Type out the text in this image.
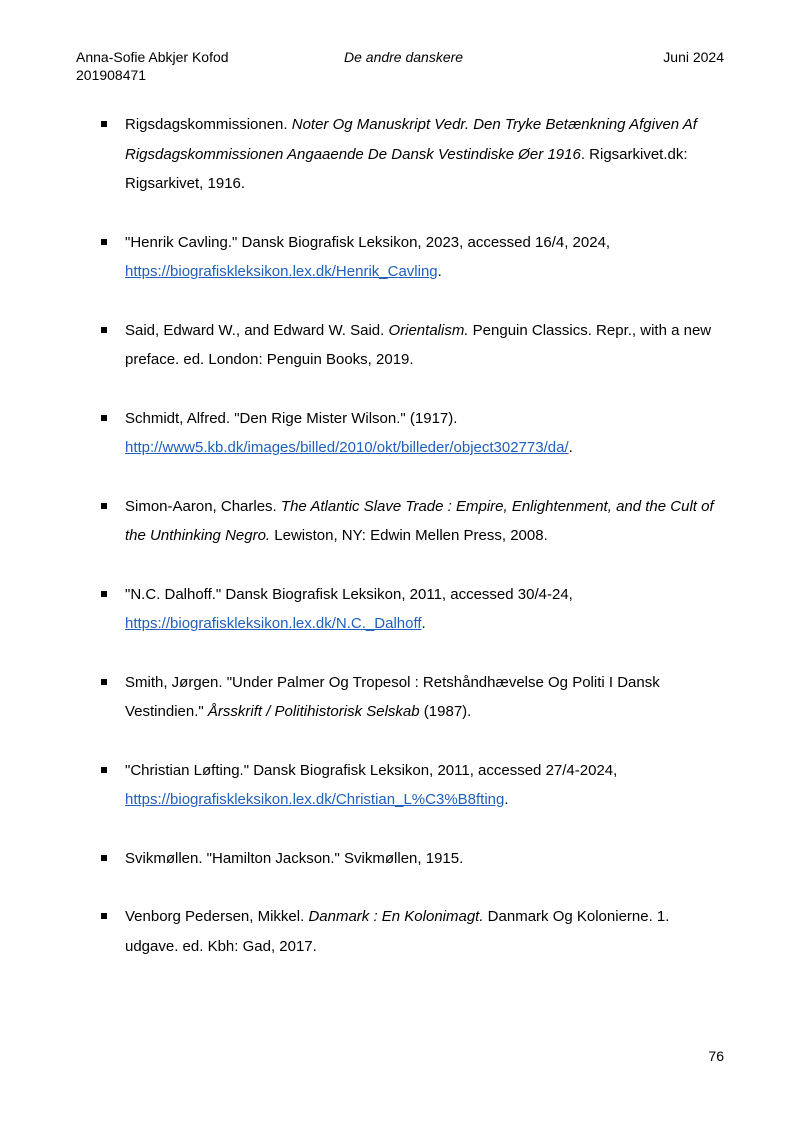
Anna-Sofie Abkjer Kofod
201908471
De andre danskere	Juni 2024
Rigsdagskommissionen. Noter Og Manuskript Vedr. Den Tryke Betænkning Afgiven Af Rigsdagskommissionen Angaaende De Dansk Vestindiske Øer 1916. Rigsarkivet.dk: Rigsarkivet, 1916.
"Henrik Cavling." Dansk Biografisk Leksikon, 2023, accessed 16/4, 2024, https://biografiskleksikon.lex.dk/Henrik_Cavling.
Said, Edward W., and Edward W. Said. Orientalism. Penguin Classics. Repr., with a new preface. ed. London: Penguin Books, 2019.
Schmidt, Alfred. "Den Rige Mister Wilson." (1917). http://www5.kb.dk/images/billed/2010/okt/billeder/object302773/da/.
Simon-Aaron, Charles. The Atlantic Slave Trade : Empire, Enlightenment, and the Cult of the Unthinking Negro. Lewiston, NY: Edwin Mellen Press, 2008.
"N.C. Dalhoff." Dansk Biografisk Leksikon, 2011, accessed 30/4-24, https://biografiskleksikon.lex.dk/N.C._Dalhoff.
Smith, Jørgen. "Under Palmer Og Tropesol : Retshåndhævelse Og Politi I Dansk Vestindien." Årsskrift / Politihistorisk Selskab (1987).
"Christian Løfting." Dansk Biografisk Leksikon, 2011, accessed 27/4-2024, https://biografiskleksikon.lex.dk/Christian_L%C3%B8fting.
Svikmøllen. "Hamilton Jackson." Svikmøllen, 1915.
Venborg Pedersen, Mikkel. Danmark : En Kolonimagt. Danmark Og Kolonierne. 1. udgave. ed. Kbh: Gad, 2017.
76
